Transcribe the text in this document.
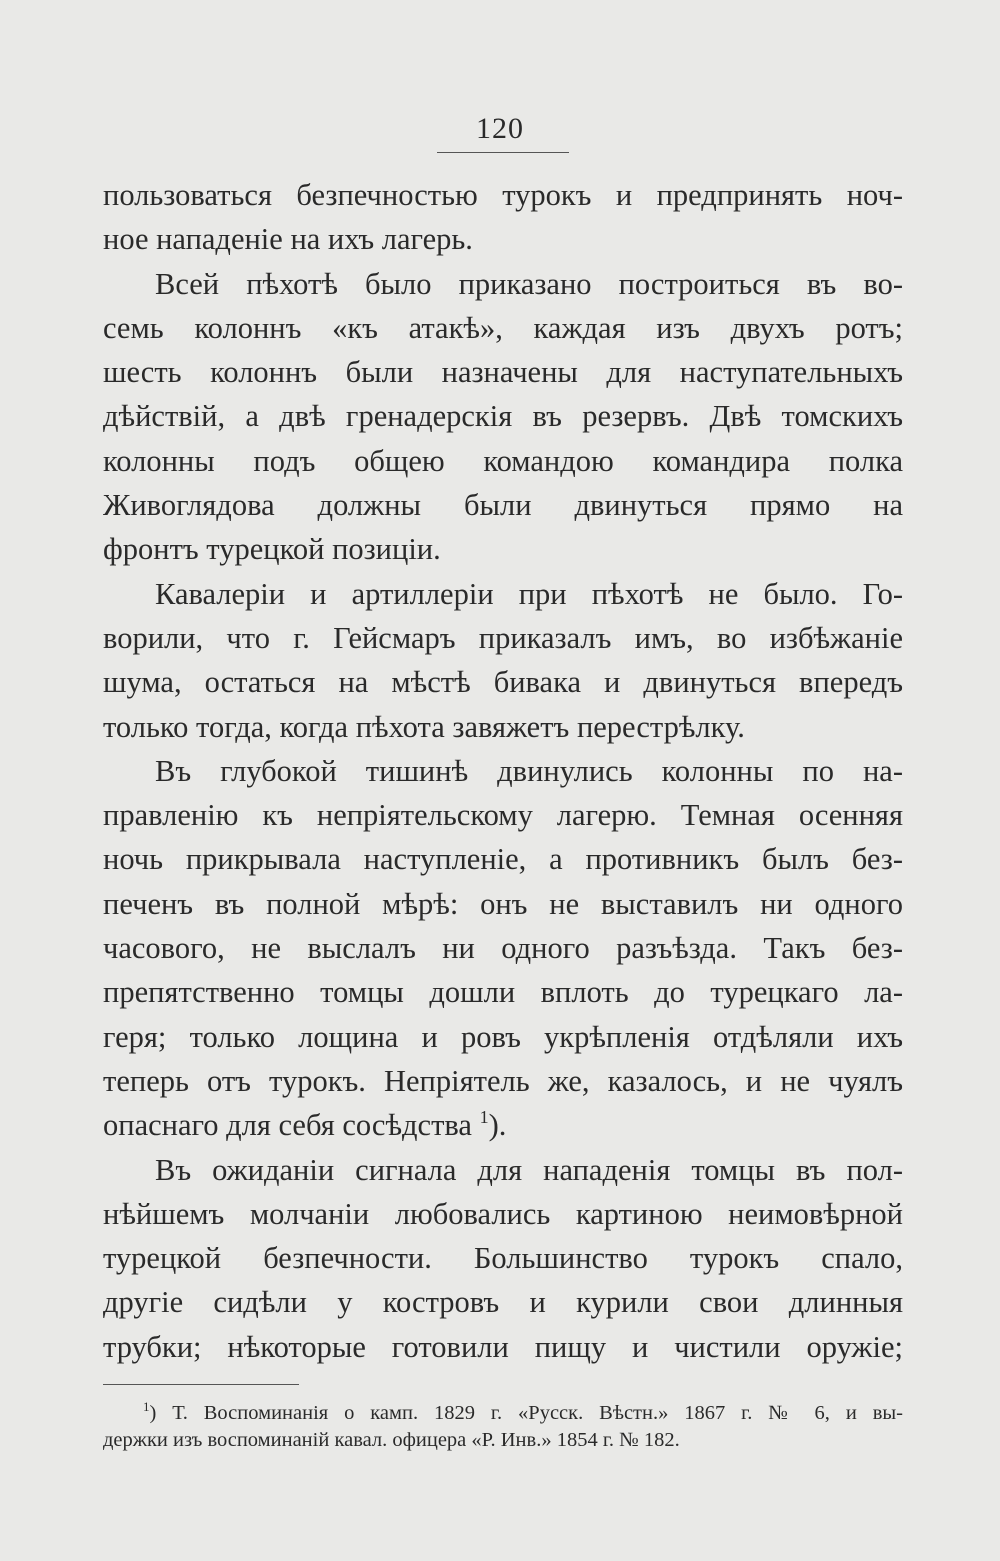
120
пользоваться безпечностью турокъ и предпринять ноч-
ное нападенiе на ихъ лагерь.
Всей пѣхотѣ было приказано построиться въ во-
семь колоннъ «къ атакѣ», каждая изъ двухъ ротъ;
шесть колоннъ были назначены для наступательныхъ
дѣйствiй, а двѣ гренадерскiя въ резервъ. Двѣ томскихъ
колонны подъ общею командою командира полка
Живоглядова должны были двинуться прямо на
фронтъ турецкой позицiи.
Кавалерiи и артиллерiи при пѣхотѣ не было. Го-
ворили, что г. Гейсмаръ приказалъ имъ, во избѣжанiе
шума, остаться на мѣстѣ бивака и двинуться впередъ
только тогда, когда пѣхота завяжетъ перестрѣлку.
Въ глубокой тишинѣ двинулись колонны по на-
правленiю къ непрiятельскому лагерю. Темная осенняя
ночь прикрывала наступленiе, а противникъ былъ без-
печенъ въ полной мѣрѣ: онъ не выставилъ ни одного
часового, не выслалъ ни одного разъѣзда. Такъ без-
препятственно томцы дошли вплоть до турецкаго ла-
геря; только лощина и ровъ укрѣпленiя отдѣляли ихъ
теперь отъ турокъ. Непрiятель же, казалось, и не чуялъ
опаснаго для себя сосѣдства $^1$).
Въ ожиданiи сигнала для нападенiя томцы въ пол-
нѣйшемъ молчанiи любовались картиною неимовѣрной
турецкой безпечности. Большинство турокъ спало,
другiе сидѣли у костровъ и курили свои длинныя
трубки; нѣкоторые готовили пищу и чистили оружiе;
$^1$) Т. Воспоминанiя о камп. 1829 г. «Русск. Вѣстн.» 1867 г. № 6, и вы-
держки изъ воспоминанiй кавал. офицера «Р. Инв.» 1854 г. № 182.
